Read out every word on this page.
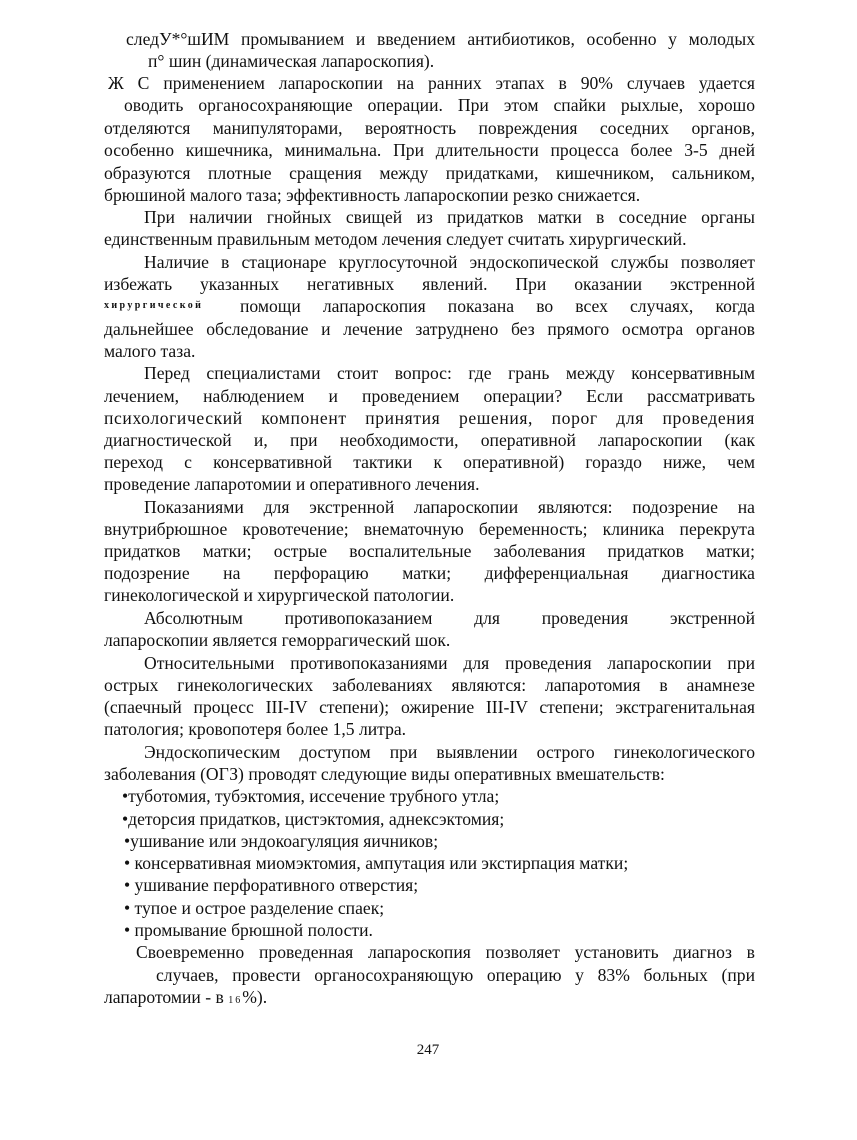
следУ*°шИМ промыванием и введением антибиотиков, особенно у молодых
п° шин (динамическая лапароскопия).
Ж С применением лапароскопии на ранних этапах в 90% случаев удается
оводить органосохраняющие операции. При этом спайки рыхлые, хорошо
отделяются манипуляторами, вероятность повреждения соседних органов,
особенно кишечника, минимальна. При длительности процесса более 3-5 дней
образуются плотные сращения между придатками, кишечником, сальником,
брюшиной малого таза; эффективность лапароскопии резко снижается.
При наличии гнойных свищей из придатков матки в соседние органы
единственным правильным методом лечения следует считать хирургический.
Наличие в стационаре круглосуточной эндоскопической службы позволяет
избежать указанных негативных явлений. При оказании экстренной
хирургической помощи лапароскопия показана во всех случаях, когда
дальнейшее обследование и лечение затруднено без прямого осмотра органов
малого таза.
Перед специалистами стоит вопрос: где грань между консервативным
лечением, наблюдением и проведением операции? Если рассматривать
психологический компонент принятия решения, порог для проведения
диагностической и, при необходимости, оперативной лапароскопии (как
переход с консервативной тактики к оперативной) гораздо ниже, чем
проведение лапаротомии и оперативного лечения.
Показаниями для экстренной лапароскопии являются: подозрение на
внутрибрюшное кровотечение; внематочную беременность; клиника перекрута
придатков матки; острые воспалительные заболевания придатков матки;
подозрение на перфорацию матки; дифференциальная диагностика
гинекологической и хирургической патологии.
Абсолютным противопоказанием для проведения экстренной
лапароскопии является геморрагический шок.
Относительными противопоказаниями для проведения лапароскопии при
острых гинекологических заболеваниях являются: лапаротомия в анамнезе
(спаечный процесс III-IV степени); ожирение III-IV степени; экстрагенитальная
патология; кровопотеря более 1,5 литра.
Эндоскопическим доступом при выявлении острого гинекологического
заболевания (ОГЗ) проводят следующие виды оперативных вмешательств:
•туботомия, тубэктомия, иссечение трубного утла;
•деторсия придатков, цистэктомия, аднексэктомия;
•ушивание или эндокоагуляция яичников;
• консервативная миомэктомия, ампутация или экстирпация матки;
• ушивание перфоративного отверстия;
• тупое и острое разделение спаек;
• промывание брюшной полости.
Своевременно проведенная лапароскопия позволяет установить диагноз в
случаев, провести органосохраняющую операцию у 83% больных (при
лапаротомии - в 16%).
247
